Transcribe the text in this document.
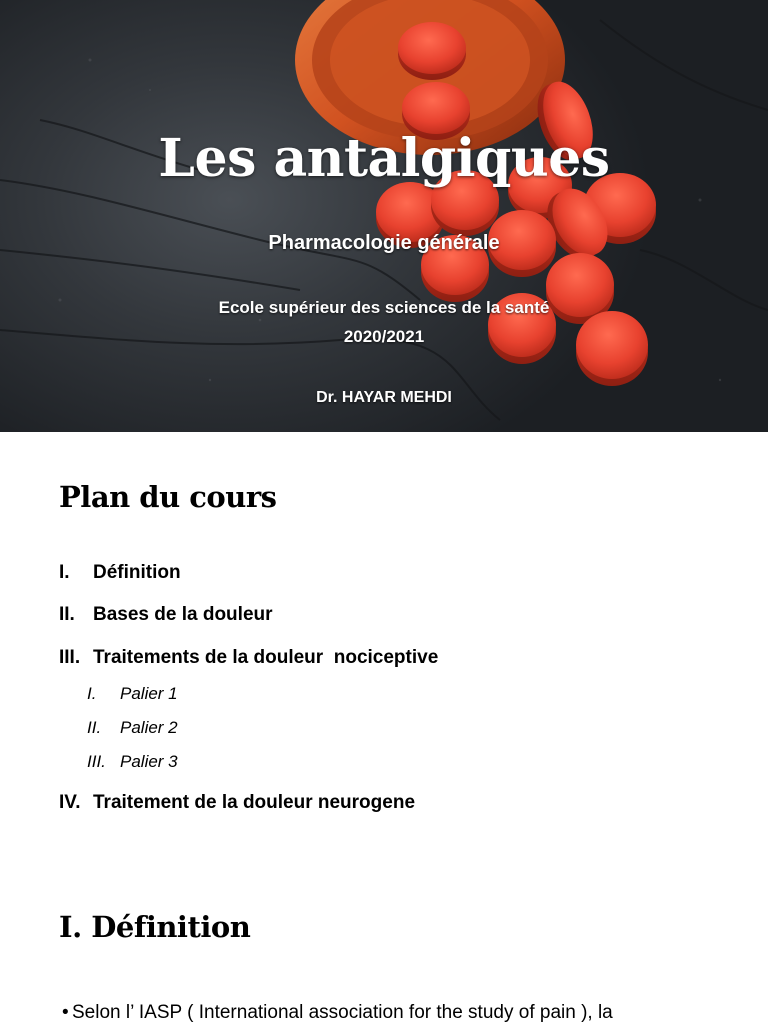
Les antalgiques
Pharmacologie générale
Ecole supérieur des sciences de la santé
2020/2021
Dr. HAYAR MEHDI
Plan du cours
I.	Définition
II. Bases de la douleur
III. Traitements de la douleur  nociceptive
I.	Palier 1
II.	Palier 2
III. Palier 3
IV. Traitement de la douleur neurogene
I. Définition
• Selon l’ IASP ( International association for the study of pain ), la
